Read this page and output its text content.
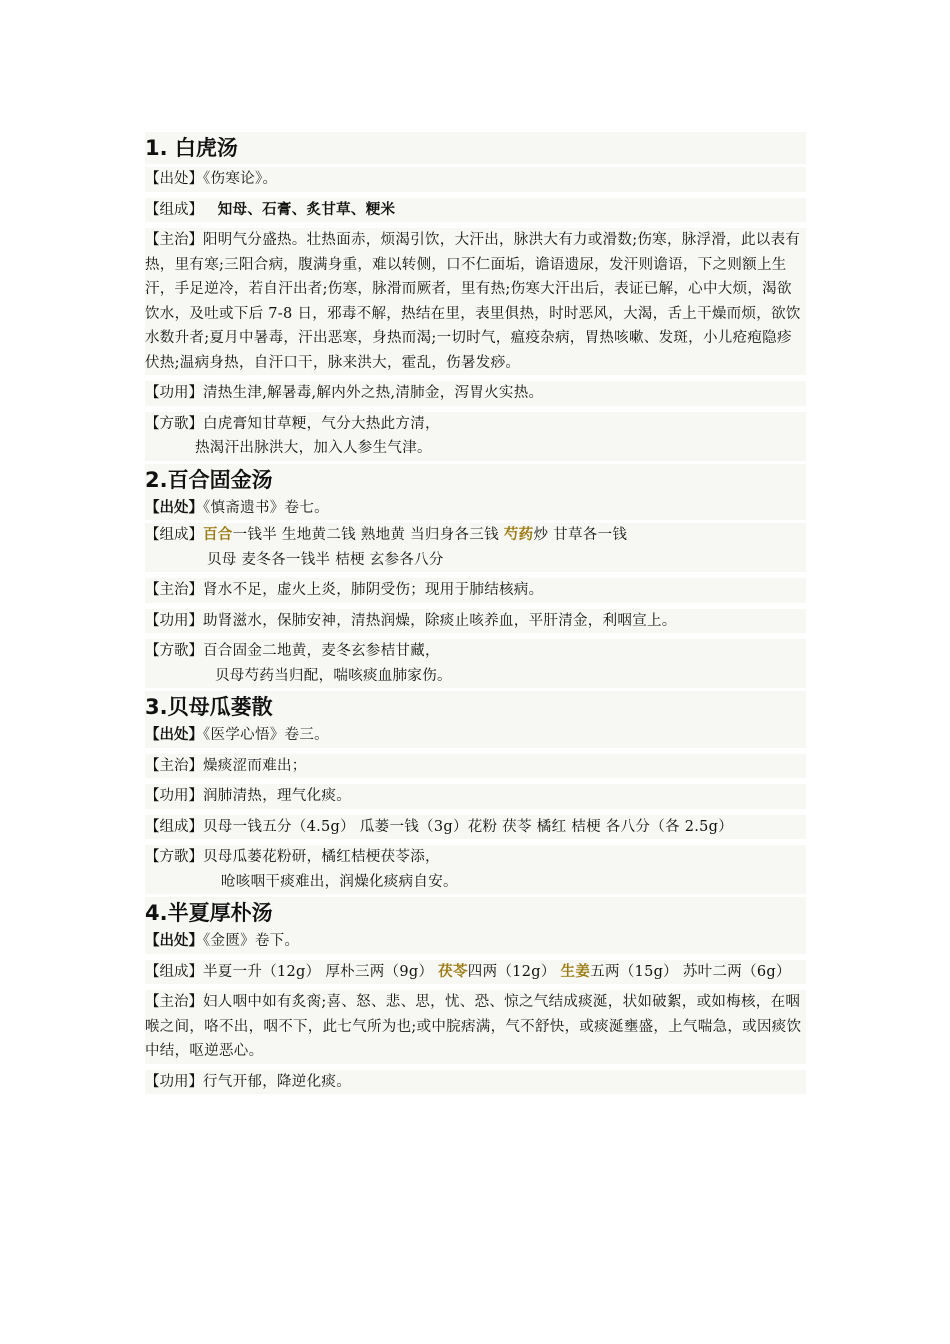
1. 白虎汤

【出处】《伤寒论》。

【组成】 知母、石膏、炙甘草、粳米

【主治】阳明气分盛热。壮热面赤，烦渴引饮，大汗出，脉洪大有力或滑数;伤寒，脉浮滑，此以表有热，里有寒;三阳合病，腹满身重，难以转侧，口不仁面垢，谵语遗尿，发汗则谵语，下之则额上生汗，手足逆冷，若自汗出者;伤寒，脉滑而厥者，里有热;伤寒大汗出后，表证已解，心中大烦，渴欲饮水，及吐或下后 7-8 日，邪毒不解，热结在里，表里俱热，时时恶风，大渴，舌上干燥而烦，欲饮水数升者;夏月中暑毒，汗出恶寒，身热而渴;一切时气，瘟疫杂病，胃热咳嗽、发斑，小儿疮疱隐疹伏热;温病身热，自汗口干，脉来洪大，霍乱，伤暑发痧。

【功用】清热生津,解暑毒,解内外之热,清肺金，泻胃火实热。

【方歌】白虎膏知甘草粳，气分大热此方清，

热渴汗出脉洪大，加入人参生气津。

2.百合固金汤

【出处】《慎斋遗书》卷七。

【组成】百合一钱半 生地黄二钱 熟地黄 当归身各三钱 芍药炒 甘草各一钱

贝母 麦冬各一钱半 桔梗 玄参各八分

【主治】肾水不足，虚火上炎，肺阴受伤；现用于肺结核病。

【功用】助肾滋水，保肺安神，清热润燥，除痰止咳养血，平肝清金，利咽宣上。

【方歌】百合固金二地黄，麦冬玄参桔甘藏，

贝母芍药当归配，喘咳痰血肺家伤。

3.贝母瓜蒌散

【出处】《医学心悟》卷三。

【主治】燥痰涩而难出；

【功用】润肺清热，理气化痰。

【组成】贝母一钱五分（4.5g） 瓜蒌一钱（3g）花粉 茯苓 橘红 桔梗 各八分（各 2.5g）

【方歌】贝母瓜蒌花粉研，橘红桔梗茯苓添，

呛咳咽干痰难出，润燥化痰病自安。

4.半夏厚朴汤

【出处】《金匮》卷下。

【组成】半夏一升（12g） 厚朴三两（9g） 茯苓四两（12g） 生姜五两（15g） 苏叶二两（6g）

【主治】妇人咽中如有炙脔;喜、怒、悲、思，忧、恐、惊之气结成痰涎，状如破絮，或如梅核，在咽喉之间，咯不出，咽不下，此七气所为也;或中脘痞满，气不舒快，或痰涎壅盛，上气喘急，或因痰饮中结，呕逆恶心。

【功用】行气开郁，降逆化痰。
